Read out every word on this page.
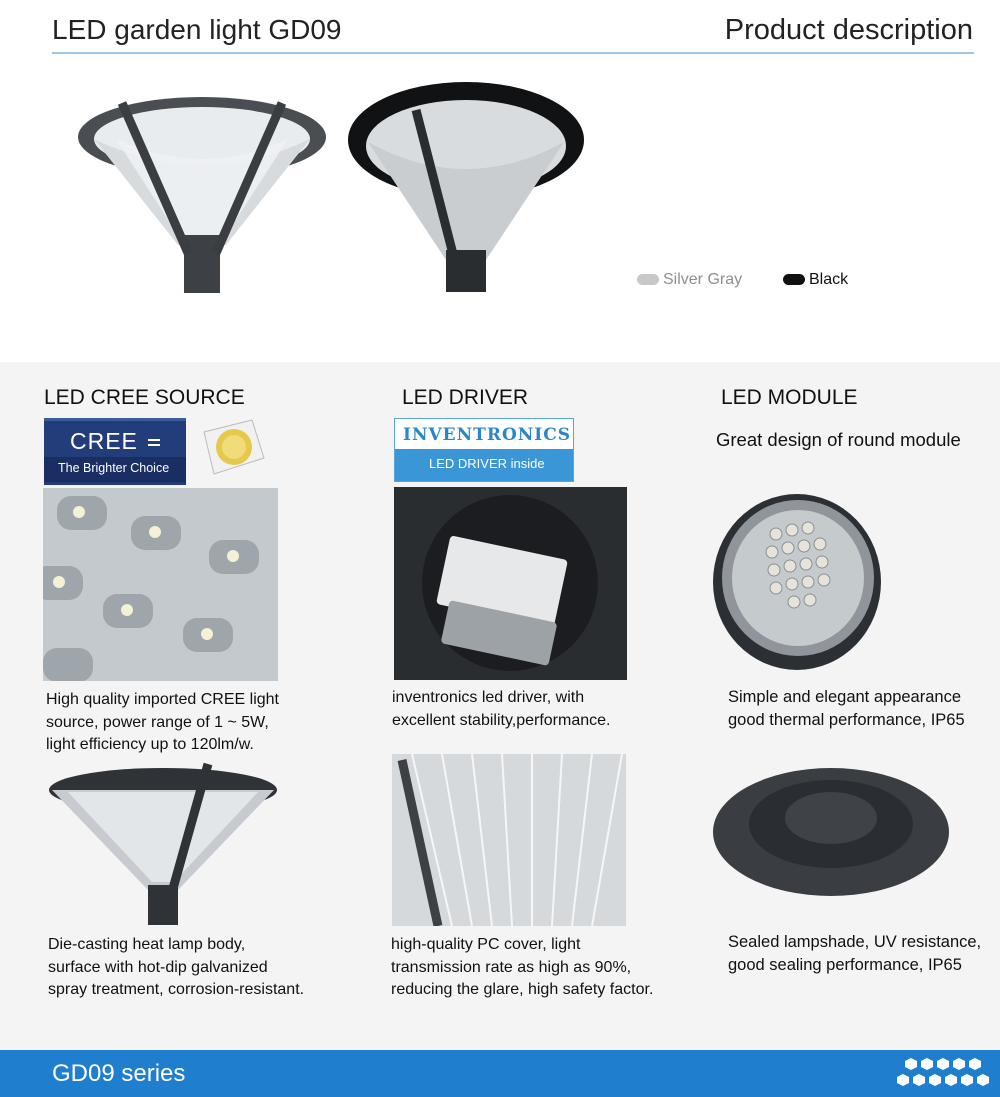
LED garden light GD09	Product description
Silver Gray	Black
LED CREE SOURCE
CREE
The Brighter Choice
High quality imported CREE light
source, power range of 1 ~ 5W,
light efficiency up to 120lm/w.
Die-casting heat lamp body,
surface with hot-dip galvanized
spray treatment, corrosion-resistant.
LED DRIVER
INVENTRONICS
LED DRIVER inside
inventronics led driver, with
excellent stability,performance.
high-quality PC cover, light
transmission rate as high as 90%,
reducing the glare, high safety factor.
LED MODULE
Great design of round module
Simple and elegant appearance
good thermal performance, IP65
Sealed lampshade, UV resistance,
good sealing performance, IP65
GD09 series
